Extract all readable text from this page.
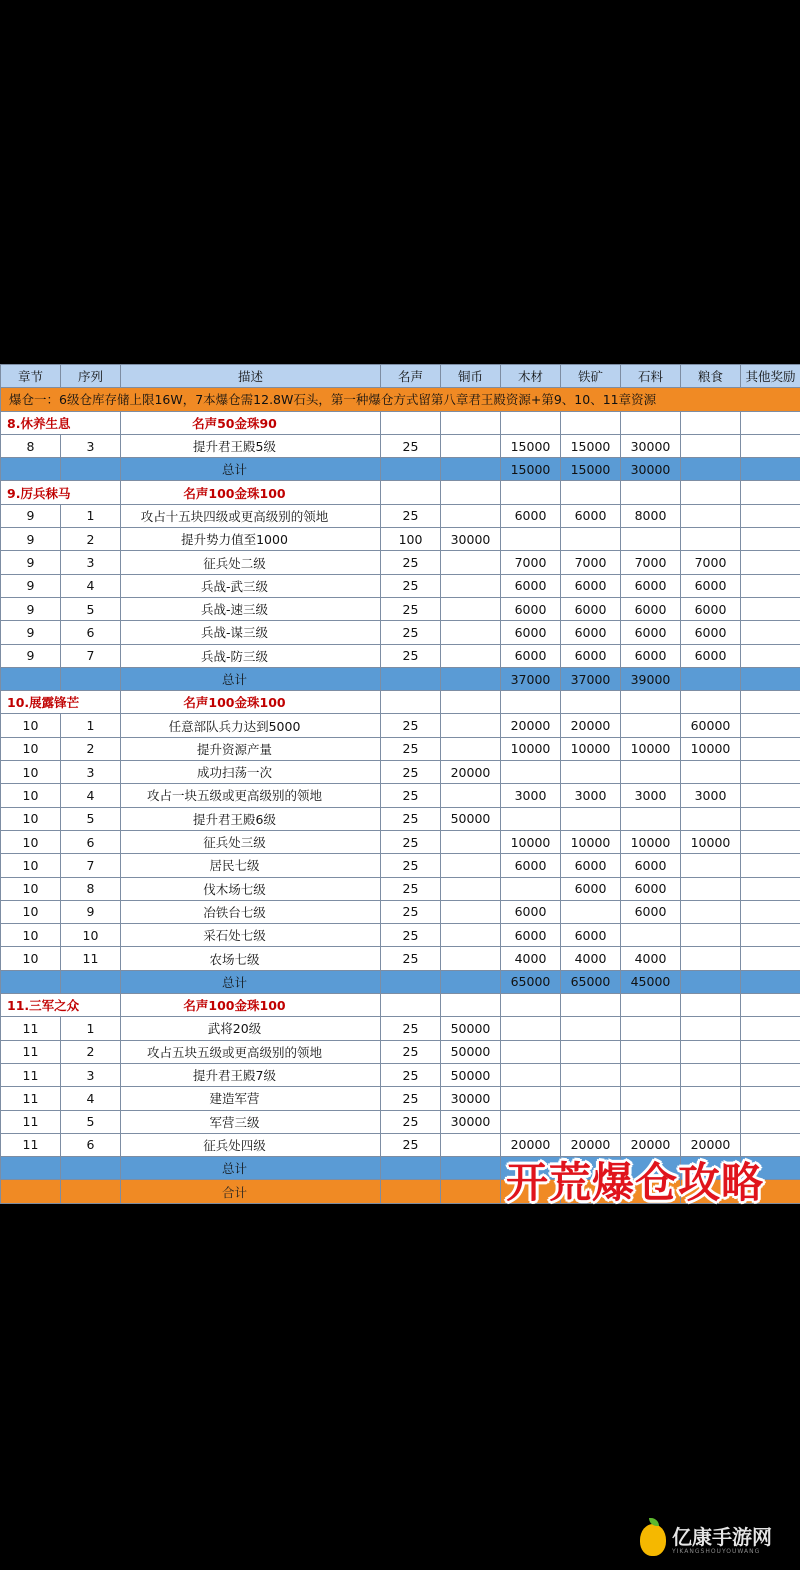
章节	序列	描述	名声	铜币	木材	铁矿	石料	粮食	其他奖励
爆仓一：6级仓库存储上限16W，7本爆仓需12.8W石头，第一种爆仓方式留第八章君王殿资源+第9、10、11章资源									
8.休养生息		名声50金珠90							
8	3	提升君王殿5级	25		15000	15000	30000		
		总计			15000	15000	30000		
9.厉兵秣马		名声100金珠100							
9	1	攻占十五块四级或更高级别的领地	25		6000	6000	8000		
9	2	提升势力值至1000	100	30000					
9	3	征兵处二级	25		7000	7000	7000	7000	
9	4	兵战-武三级	25		6000	6000	6000	6000	
9	5	兵战-速三级	25		6000	6000	6000	6000	
9	6	兵战-谋三级	25		6000	6000	6000	6000	
9	7	兵战-防三级	25		6000	6000	6000	6000	
		总计			37000	37000	39000		
10.展露锋芒		名声100金珠100							
10	1	任意部队兵力达到5000	25		20000	20000		60000	
10	2	提升资源产量	25		10000	10000	10000	10000	
10	3	成功扫荡一次	25	20000					
10	4	攻占一块五级或更高级别的领地	25		3000	3000	3000	3000	
10	5	提升君王殿6级	25	50000					
10	6	征兵处三级	25		10000	10000	10000	10000	
10	7	居民七级	25		6000	6000	6000		
10	8	伐木场七级	25			6000	6000		
10	9	冶铁台七级	25		6000		6000		
10	10	采石处七级	25		6000	6000			
10	11	农场七级	25		4000	4000	4000		
		总计			65000	65000	45000		
11.三军之众		名声100金珠100							
11	1	武将20级	25	50000					
11	2	攻占五块五级或更高级别的领地	25	50000					
11	3	提升君王殿7级	25	50000					
11	4	建造军营	25	30000					
11	5	军营三级	25	30000					
11	6	征兵处四级	25		20000	20000	20000	20000	
		总计							
		合计								开荒爆仓攻略
亿康手游网
YIKANGSHOUYOUWANG
